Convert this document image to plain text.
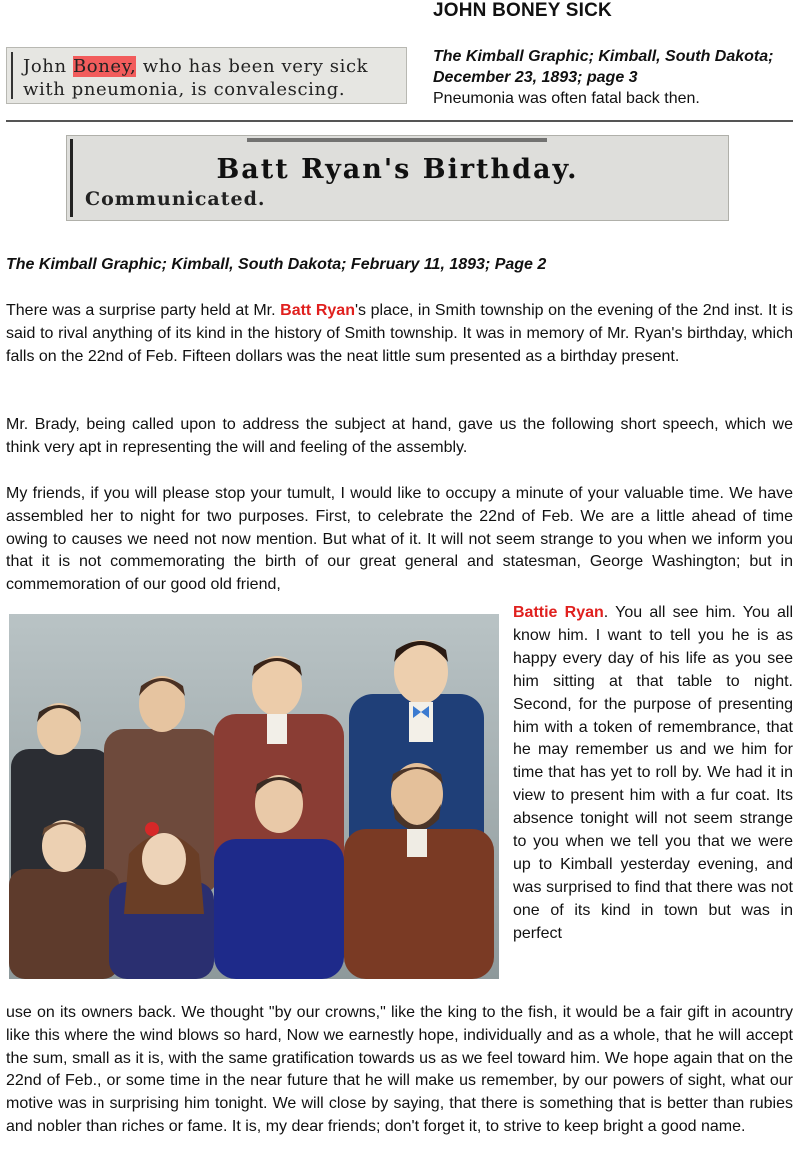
JOHN BONEY SICK
John Boney, who has been very sick with pneumonia, is convalescing.
The Kimball Graphic; Kimball, South Dakota; December 23, 1893; page 3
Pneumonia was often fatal back then.
Batt Ryan's Birthday.
Communicated.
The Kimball Graphic; Kimball, South Dakota; February 11, 1893; Page 2
There was a surprise party held at Mr. Batt Ryan's place, in Smith township on the evening of the 2nd inst. It is said to rival anything of its kind in the history of Smith township. It was in memory of Mr. Ryan's birthday, which falls on the 22nd of Feb. Fifteen dollars was the neat little sum presented as a birthday present.
Mr. Brady, being called upon to address the subject at hand, gave us the following short speech, which we think very apt in representing the will and feeling of the assembly.
My friends, if you will please stop your tumult, I would like to occupy a minute of your valuable time. We have assembled her to night for two purposes. First, to celebrate the 22nd of Feb. We are a little ahead of time owing to causes we need not now mention. But what of it. It will not seem strange to you when we inform you that it is not commemorating the birth of our great general and statesman, George Washington; but in commemoration of our good old friend,
Battie Ryan. You all see him. You all know him. I want to tell you he is as happy every day of his life as you see him sitting at that table to night. Second, for the purpose of presenting him with a token of remembrance, that he may remember us and we him for time that has yet to roll by. We had it in view to present him with a fur coat. Its absence tonight will not seem strange to you when we tell you that we were up to Kimball yesterday evening, and was surprised to find that there was not one of its kind in town but was in perfect
use on its owners back. We thought "by our crowns," like the king to the fish, it would be a fair gift in acountry like this where the wind blows so hard, Now we earnestly hope, individually and as a whole, that he will accept the sum, small as it is, with the same gratification towards us as we feel toward him. We hope again that on the 22nd of Feb., or some time in the near future that he will make us remember, by our powers of sight, what our motive was in surprising him tonight. We will close by saying, that there is something that is better than rubies and nobler than riches or fame. It is, my dear friends; don't forget it, to strive to keep bright a good name.
